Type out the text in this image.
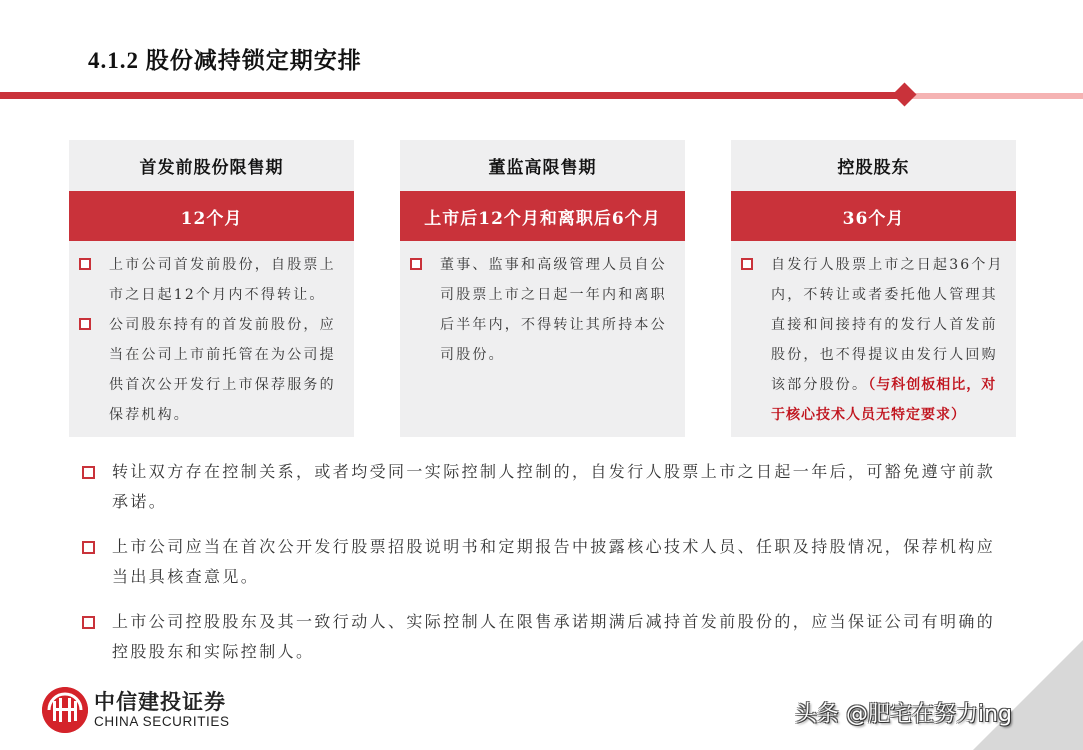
4.1.2 股份减持锁定期安排
首发前股份限售期
12个月
上市公司首发前股份，自股票上市之日起12个月内不得转让。
公司股东持有的首发前股份，应当在公司上市前托管在为公司提供首次公开发行上市保荐服务的保荐机构。
董监高限售期
上市后12个月和离职后6个月
董事、监事和高级管理人员自公司股票上市之日起一年内和离职后半年内，不得转让其所持本公司股份。
控股股东
36个月
自发行人股票上市之日起36个月内，不转让或者委托他人管理其直接和间接持有的发行人首发前股份，也不得提议由发行人回购该部分股份。（与科创板相比，对于核心技术人员无特定要求）
转让双方存在控制关系，或者均受同一实际控制人控制的，自发行人股票上市之日起一年后，可豁免遵守前款承诺。
上市公司应当在首次公开发行股票招股说明书和定期报告中披露核心技术人员、任职及持股情况，保荐机构应当出具核查意见。
上市公司控股股东及其一致行动人、实际控制人在限售承诺期满后减持首发前股份的，应当保证公司有明确的控股股东和实际控制人。
中信建投证券
CHINA SECURITIES	头条 @肥宅在努力ing
